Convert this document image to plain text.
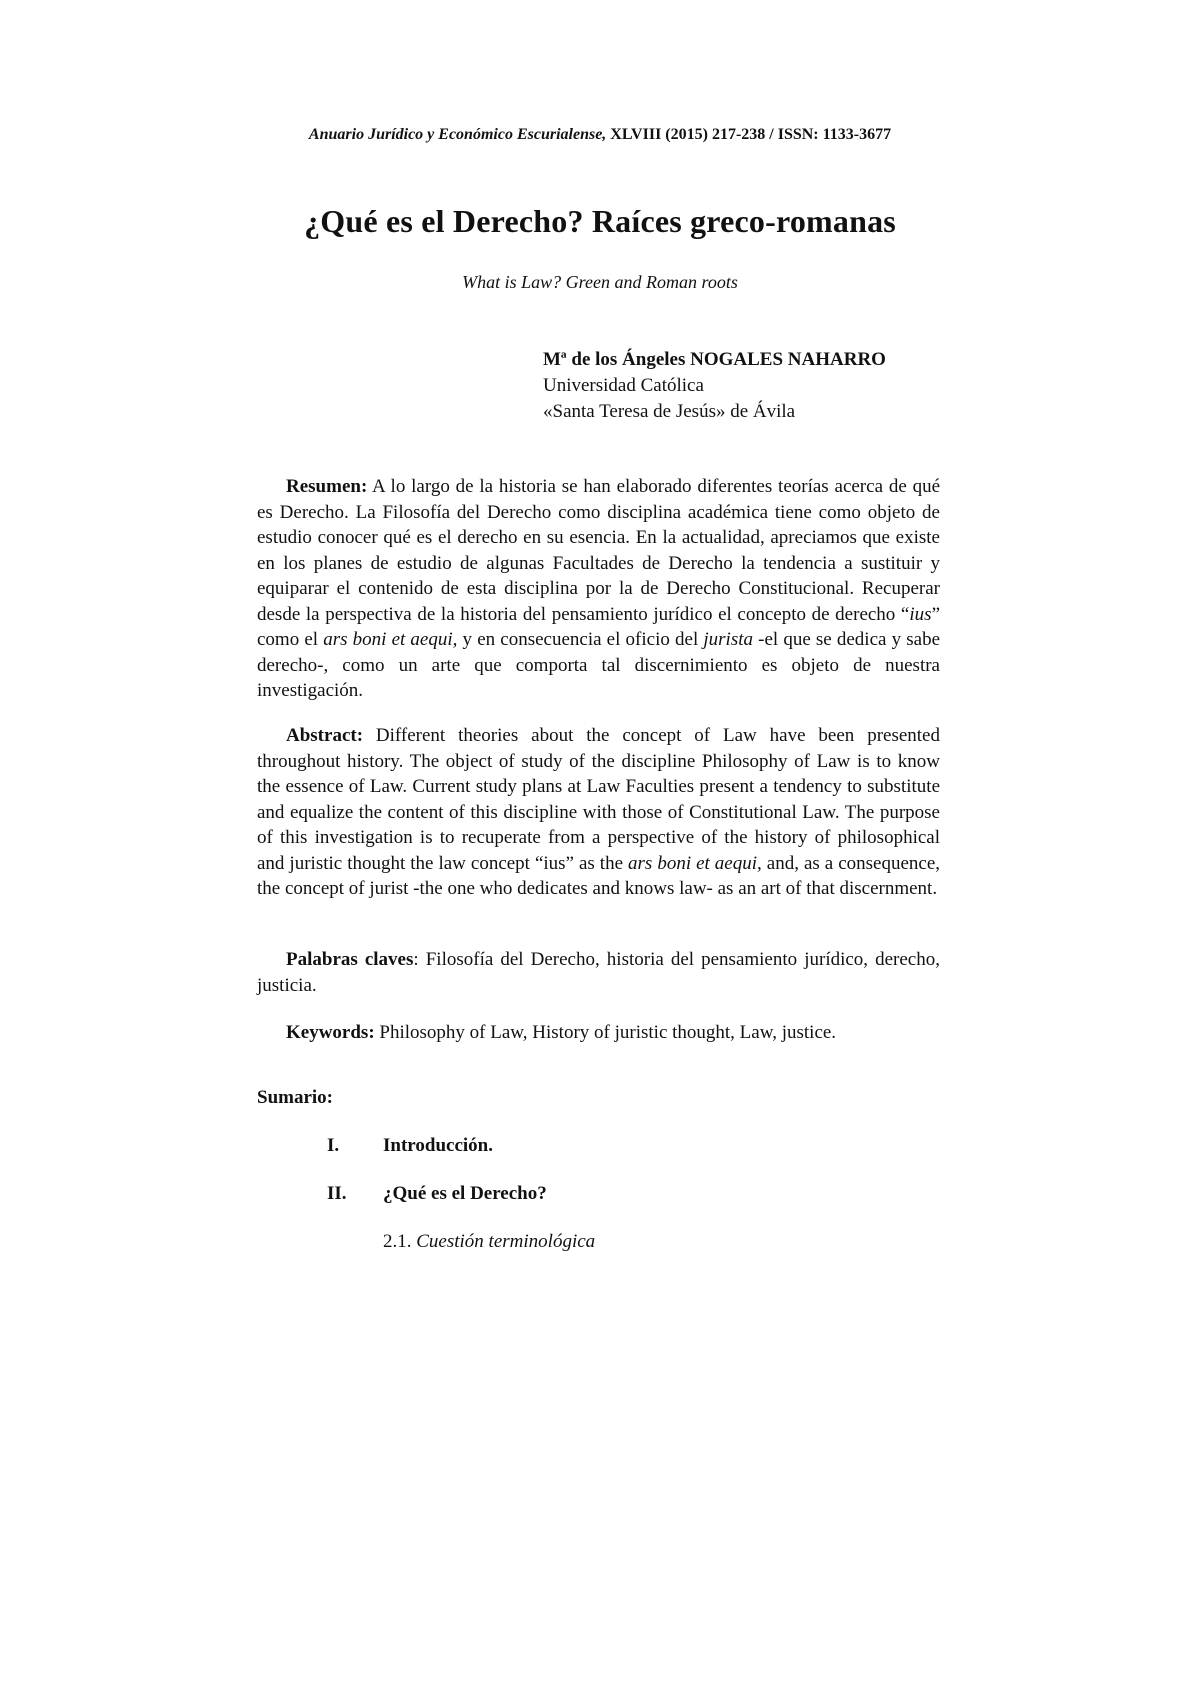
Anuario Jurídico y Económico Escurialense, XLVIII (2015) 217-238 / ISSN: 1133-3677
¿Qué es el Derecho? Raíces greco-romanas
What is Law? Green and Roman roots
Mª de los Ángeles NOGALES NAHARRO
Universidad Católica
«Santa Teresa de Jesús» de Ávila

Resumen: A lo largo de la historia se han elaborado diferentes teorías acerca de qué es Derecho. La Filosofía del Derecho como disciplina académica tiene como objeto de estudio conocer qué es el derecho en su esencia. En la actualidad, apreciamos que existe en los planes de estudio de algunas Facultades de Derecho la tendencia a sustituir y equiparar el contenido de esta disciplina por la de Derecho Constitucional. Recuperar desde la perspectiva de la historia del pensamiento jurídico el concepto de derecho “ius” como el ars boni et aequi, y en consecuencia el oficio del jurista -el que se dedica y sabe derecho-, como un arte que comporta tal discernimiento es objeto de nuestra investigación.

Abstract: Different theories about the concept of Law have been presented throughout history. The object of study of the discipline Philosophy of Law is to know the essence of Law. Current study plans at Law Faculties present a tendency to substitute and equalize the content of this discipline with those of Constitutional Law. The purpose of this investigation is to recuperate from a perspective of the history of philosophical and juristic thought the law concept “ius” as the ars boni et aequi, and, as a consequence, the concept of jurist -the one who dedicates and knows law- as an art of that discernment.

Palabras claves: Filosofía del Derecho, historia del pensamiento jurídico, derecho, justicia.

Keywords: Philosophy of Law, History of juristic thought, Law, justice.

Sumario:
I. Introducción.
II. ¿Qué es el Derecho?
2.1. Cuestión terminológica
